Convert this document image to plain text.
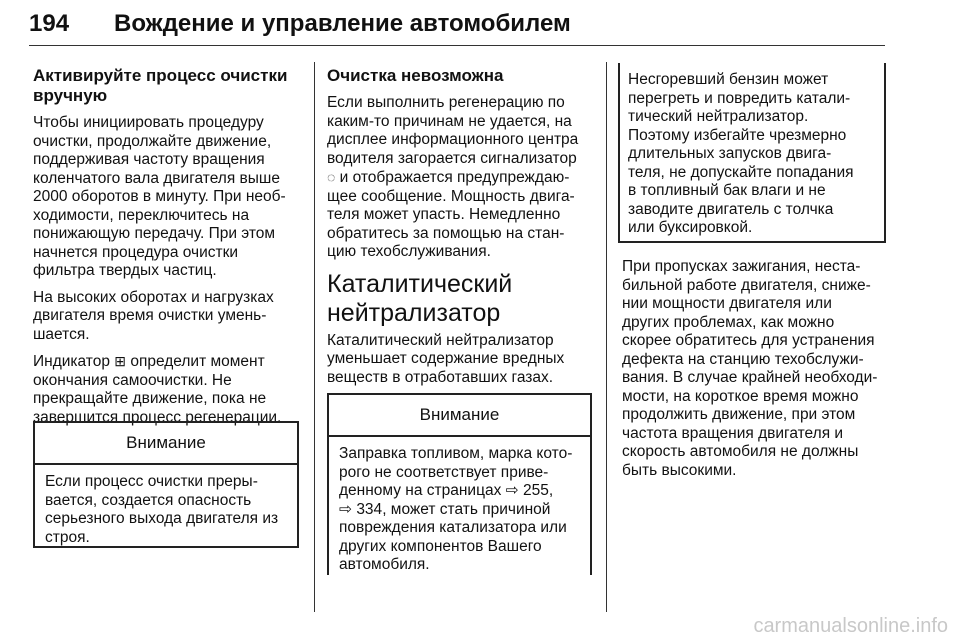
194 Вождение и управление автомобилем
Активируйте процесс очистки
вручную

Чтобы инициировать процедуру
очистки, продолжайте движение,
поддерживая частоту вращения
коленчатого вала двигателя выше
2000 оборотов в минуту. При необ-
ходимости, переключитесь на
понижающую передачу. При этом
начнется процедура очистки
фильтра твердых частиц.

На высоких оборотах и нагрузках
двигателя время очистки умень-
шается.

Индикатор ⊞ определит момент
окончания самоочистки. Не
прекращайте движение, пока не
завершится процесс регенерации.

Внимание
Если процесс очистки преры-
вается, создается опасность
серьезного выхода двигателя из
строя.
Очистка невозможна

Если выполнить регенерацию по
каким-то причинам не удается, на
дисплее информационного центра
водителя загорается сигнализатор
◌ и отображается предупреждаю-
щее сообщение. Мощность двига-
теля может упасть. Немедленно
обратитесь за помощью на стан-
цию техобслуживания.

Каталитический
нейтрализатор

Каталитический нейтрализатор
уменьшает содержание вредных
веществ в отработавших газах.

Внимание
Заправка топливом, марка кото-
рого не соответствует приве-
денному на страницах ⇨ 255,
⇨ 334, может стать причиной
повреждения катализатора или
других компонентов Вашего
автомобиля.
Несгоревший бензин может
перегреть и повредить катали-
тический нейтрализатор.
Поэтому избегайте чрезмерно
длительных запусков двига-
теля, не допускайте попадания
в топливный бак влаги и не
заводите двигатель с толчка
или буксировкой.

При пропусках зажигания, неста-
бильной работе двигателя, сниже-
нии мощности двигателя или
других проблемах, как можно
скорее обратитесь для устранения
дефекта на станцию техобслужи-
вания. В случае крайней необходи-
мости, на короткое время можно
продолжить движение, при этом
частота вращения двигателя и
скорость автомобиля не должны
быть высокими.

carmanualsonline.info
